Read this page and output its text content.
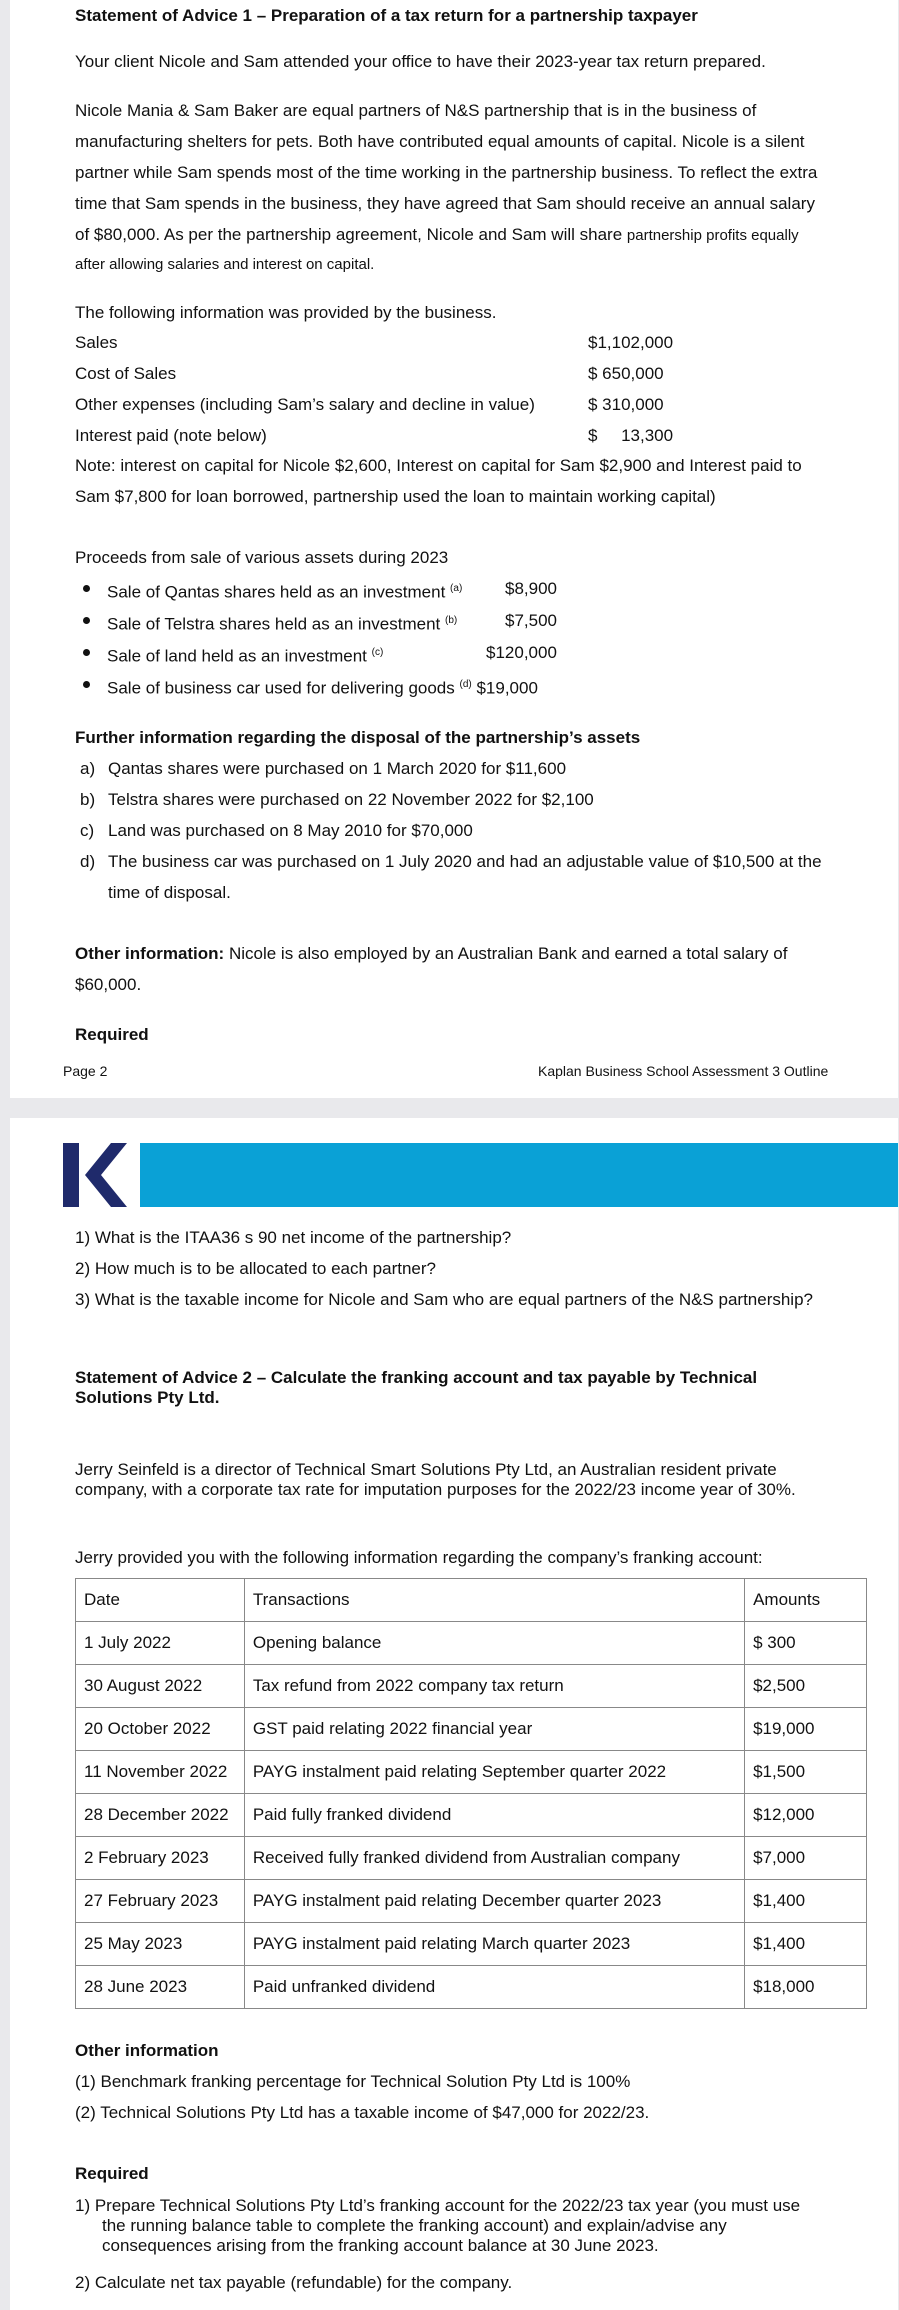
Statement of Advice 1 – Preparation of a tax return for a partnership taxpayer
Your client Nicole and Sam attended your office to have their 2023-year tax return prepared.
Nicole Mania & Sam Baker are equal partners of N&S partnership that is in the business of
manufacturing shelters for pets. Both have contributed equal amounts of capital. Nicole is a silent
partner while Sam spends most of the time working in the partnership business. To reflect the extra
time that Sam spends in the business, they have agreed that Sam should receive an annual salary
of $80,000. As per the partnership agreement, Nicole and Sam will share partnership profits equally
after allowing salaries and interest on capital.
The following information was provided by the business.
Sales	$1,102,000
Cost of Sales	$ 650,000
Other expenses (including Sam’s salary and decline in value)	$ 310,000
Interest paid (note below)	$     13,300
Note: interest on capital for Nicole $2,600, Interest on capital for Sam $2,900 and Interest paid to
Sam $7,800 for loan borrowed, partnership used the loan to maintain working capital)
Proceeds from sale of various assets during 2023
Sale of Qantas shares held as an investment $^{(a)}$	$8,900
Sale of Telstra shares held as an investment $^{(b)}$	$7,500
Sale of land held as an investment $^{(c)}$	$120,000
Sale of business car used for delivering goods $^{(d)}$ $19,000
Further information regarding the disposal of the partnership’s assets
a) Qantas shares were purchased on 1 March 2020 for $11,600
b) Telstra shares were purchased on 22 November 2022 for $2,100
c) Land was purchased on 8 May 2010 for $70,000
d) The business car was purchased on 1 July 2020 and had an adjustable value of $10,500 at the
time of disposal.
Other information: Nicole is also employed by an Australian Bank and earned a total salary of
$60,000.
Required
Page 2	Kaplan Business School Assessment 3 Outline
1) What is the ITAA36 s 90 net income of the partnership?
2) How much is to be allocated to each partner?
3) What is the taxable income for Nicole and Sam who are equal partners of the N&S partnership?
Statement of Advice 2 – Calculate the franking account and tax payable by Technical
Solutions Pty Ltd.
Jerry Seinfeld is a director of Technical Smart Solutions Pty Ltd, an Australian resident private
company, with a corporate tax rate for imputation purposes for the 2022/23 income year of 30%.
Jerry provided you with the following information regarding the company’s franking account:
Date	Transactions	Amounts
1 July 2022	Opening balance	$ 300
30 August 2022	Tax refund from 2022 company tax return	$2,500
20 October 2022	GST paid relating 2022 financial year	$19,000
11 November 2022	PAYG instalment paid relating September quarter 2022	$1,500
28 December 2022	Paid fully franked dividend	$12,000
2 February 2023	Received fully franked dividend from Australian company	$7,000
27 February 2023	PAYG instalment paid relating December quarter 2023	$1,400
25 May 2023	PAYG instalment paid relating March quarter 2023	$1,400
28 June 2023	Paid unfranked dividend	$18,000
Other information
(1) Benchmark franking percentage for Technical Solution Pty Ltd is 100%
(2) Technical Solutions Pty Ltd has a taxable income of $47,000 for 2022/23.
Required
1) Prepare Technical Solutions Pty Ltd’s franking account for the 2022/23 tax year (you must use
the running balance table to complete the franking account) and explain/advise any
consequences arising from the franking account balance at 30 June 2023.
2) Calculate net tax payable (refundable) for the company.
